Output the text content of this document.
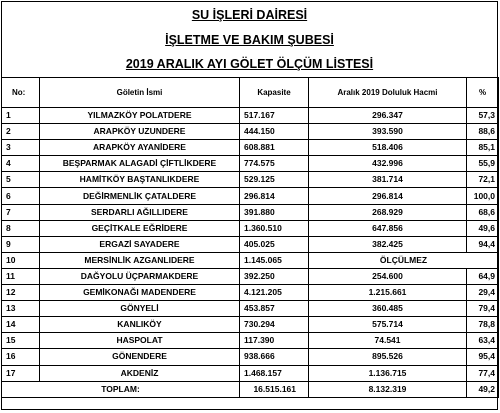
SU İŞLERİ DAİRESİ
İŞLETME VE BAKIM ŞUBESİ
2019 ARALIK AYI GÖLET ÖLÇÜM LİSTESİ
No:	Göletin İsmi	Kapasite	Aralık 2019 Doluluk Hacmi	%
1	YILMAZKÖY POLATDERE	517.167	296.347	57,3
2	ARAPKÖY UZUNDERE	444.150	393.590	88,6
3	ARAPKÖY AYANİDERE	608.881	518.406	85,1
4	BEŞPARMAK ALAGADİ ÇİFTLİKDERE	774.575	432.996	55,9
5	HAMİTKÖY BAŞTANLIKDERE	529.125	381.714	72,1
6	DEĞİRMENLİK ÇATALDERE	296.814	296.814	100,0
7	SERDARLI AĞILLIDERE	391.880	268.929	68,6
8	GEÇİTKALE EĞRİDERE	1.360.510	647.856	49,6
9	ERGAZİ SAYADERE	405.025	382.425	94,4
10	MERSİNLİK AZGANLIDERE	1.145.065	ÖLÇÜLMEZ	
11	DAĞYOLU ÜÇPARMAKDERE	392.250	254.600	64,9
12	GEMİKONAĞI MADENDERE	4.121.205	1.215.661	29,4
13	GÖNYELİ	453.857	360.485	79,4
14	KANLIKÖY	730.294	575.714	78,8
15	HASPOLAT	117.390	74.541	63,4
16	GÖNENDERE	938.666	895.526	95,4
17	AKDENİZ	1.468.157	1.136.715	77,4
TOPLAM:		16.515.161	8.132.319	49,2
